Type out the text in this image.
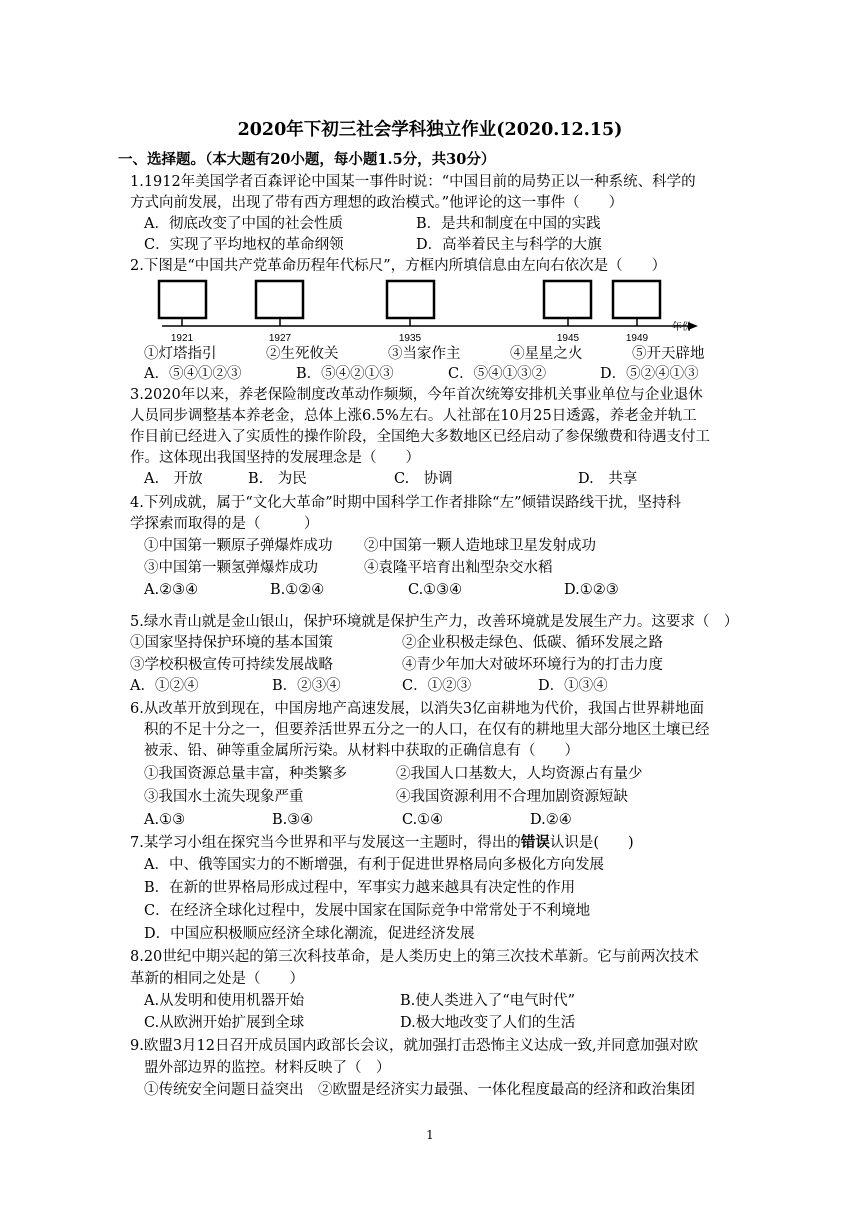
2020年下初三社会学科独立作业(2020.12.15)
一、选择题。（本大题有20小题，每小题1.5分，共30分）
1.1912年美国学者百森评论中国某一事件时说：“中国目前的局势正以一种系统、科学的
方式向前发展，出现了带有西方理想的政治模式。”他评论的这一事件（　　）
A．彻底改变了中国的社会性质	B．是共和制度在中国的实践
C．实现了平均地权的革命纲领	D．高举着民主与科学的大旗
2.下图是“中国共产党革命历程年代标尺”，方框内所填信息由左向右依次是（　　）
1921	1927	1935	1945	1949
年份
①灯塔指引	②生死攸关	③当家作主	④星星之火	⑤开天辟地
A．⑤④①②③	B．⑤④②①③	C．⑤④①③②	D．⑤②④①③
3.2020年以来，养老保险制度改革动作频频，今年首次统筹安排机关事业单位与企业退休
人员同步调整基本养老金，总体上涨6.5%左右。人社部在10月25日透露，养老金并轨工
作目前已经进入了实质性的操作阶段，全国绝大多数地区已经启动了参保缴费和待遇支付工
作。这体现出我国坚持的发展理念是（　　）
A.　开放	B.　为民	C.　协调	D.　共享
4.下列成就，属于“文化大革命”时期中国科学工作者排除“左”倾错误路线干扰，坚持科
学探索而取得的是（　　　）
①中国第一颗原子弹爆炸成功 ②中国第一颗人造地球卫星发射成功
③中国第一颗氢弹爆炸成功	④袁隆平培育出籼型杂交水稻
A.②③④	B.①②④	C.①③④	D.①②③
5.绿水青山就是金山银山，保护环境就是保护生产力，改善环境就是发展生产力。这要求（　）
①国家坚持保护环境的基本国策	②企业积极走绿色、低碳、循环发展之路
③学校积极宣传可持续发展战略	④青少年加大对破坏环境行为的打击力度
A．①②④	B．②③④	C．①②③	D．①③④
6.从改革开放到现在，中国房地产高速发展，以消失3亿亩耕地为代价，我国占世界耕地面
积的不足十分之一，但要养活世界五分之一的人口，在仅有的耕地里大部分地区土壤已经
被汞、铅、砷等重金属所污染。从材料中获取的正确信息有（　　）
①我国资源总量丰富，种类繁多	②我国人口基数大，人均资源占有量少
③我国水土流失现象严重	④我国资源利用不合理加剧资源短缺
A.①③	B.③④	C.①④	D.②④
7.某学习小组在探究当今世界和平与发展这一主题时，得出的错误认识是(　　)
A．中、俄等国实力的不断增强，有利于促进世界格局向多极化方向发展
B．在新的世界格局形成过程中，军事实力越来越具有决定性的作用
C．在经济全球化过程中，发展中国家在国际竞争中常常处于不利境地
D．中国应积极顺应经济全球化潮流，促进经济发展
8.20世纪中期兴起的第三次科技革命，是人类历史上的第三次技术革新。它与前两次技术
革新的相同之处是（　　）
A.从发明和使用机器开始	B.使人类进入了“电气时代”
C.从欧洲开始扩展到全球	D.极大地改变了人们的生活
9.欧盟3月12日召开成员国内政部长会议，就加强打击恐怖主义达成一致,并同意加强对欧
盟外部边界的监控。材料反映了（　）
①传统安全问题日益突出 ②欧盟是经济实力最强、一体化程度最高的经济和政治集团
1
